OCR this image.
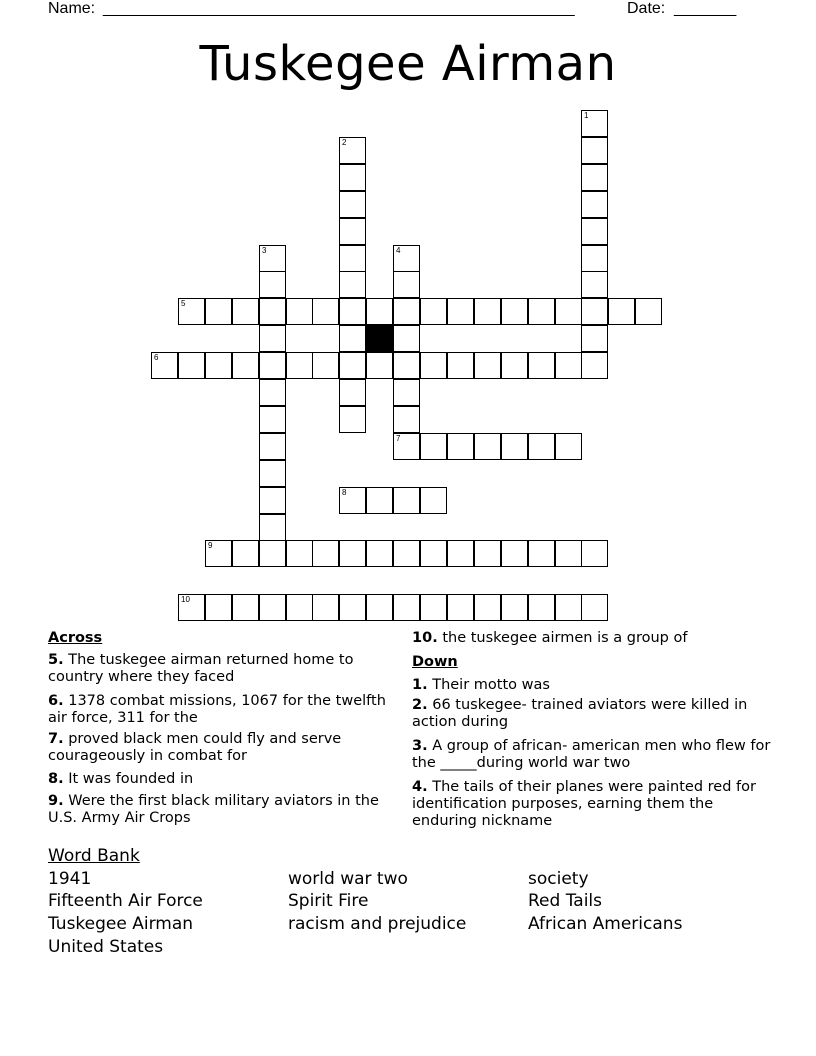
Name: _____________________________________________________	Date: _______
Tuskegee Airman
1
2
3	4
5
6
7
8
9
10
Across
5. The tuskegee airman returned home to country where they faced
6. 1378 combat missions, 1067 for the twelfth air force, 311 for the
7. proved black men could fly and serve courageously in combat for
8. It was founded in
9. Were the first black military aviators in the U.S. Army Air Crops
10. the tuskegee airmen is a group of
Down
1. Their motto was
2. 66 tuskegee- trained aviators were killed in action during
3. A group of african- american men who flew for the _____during world war two
4. The tails of their planes were painted red for identification purposes, earning them the enduring nickname
Word Bank
1941	world war two	society
Fifteenth Air Force	Spirit Fire	Red Tails
Tuskegee Airman	racism and prejudice	African Americans
United States
